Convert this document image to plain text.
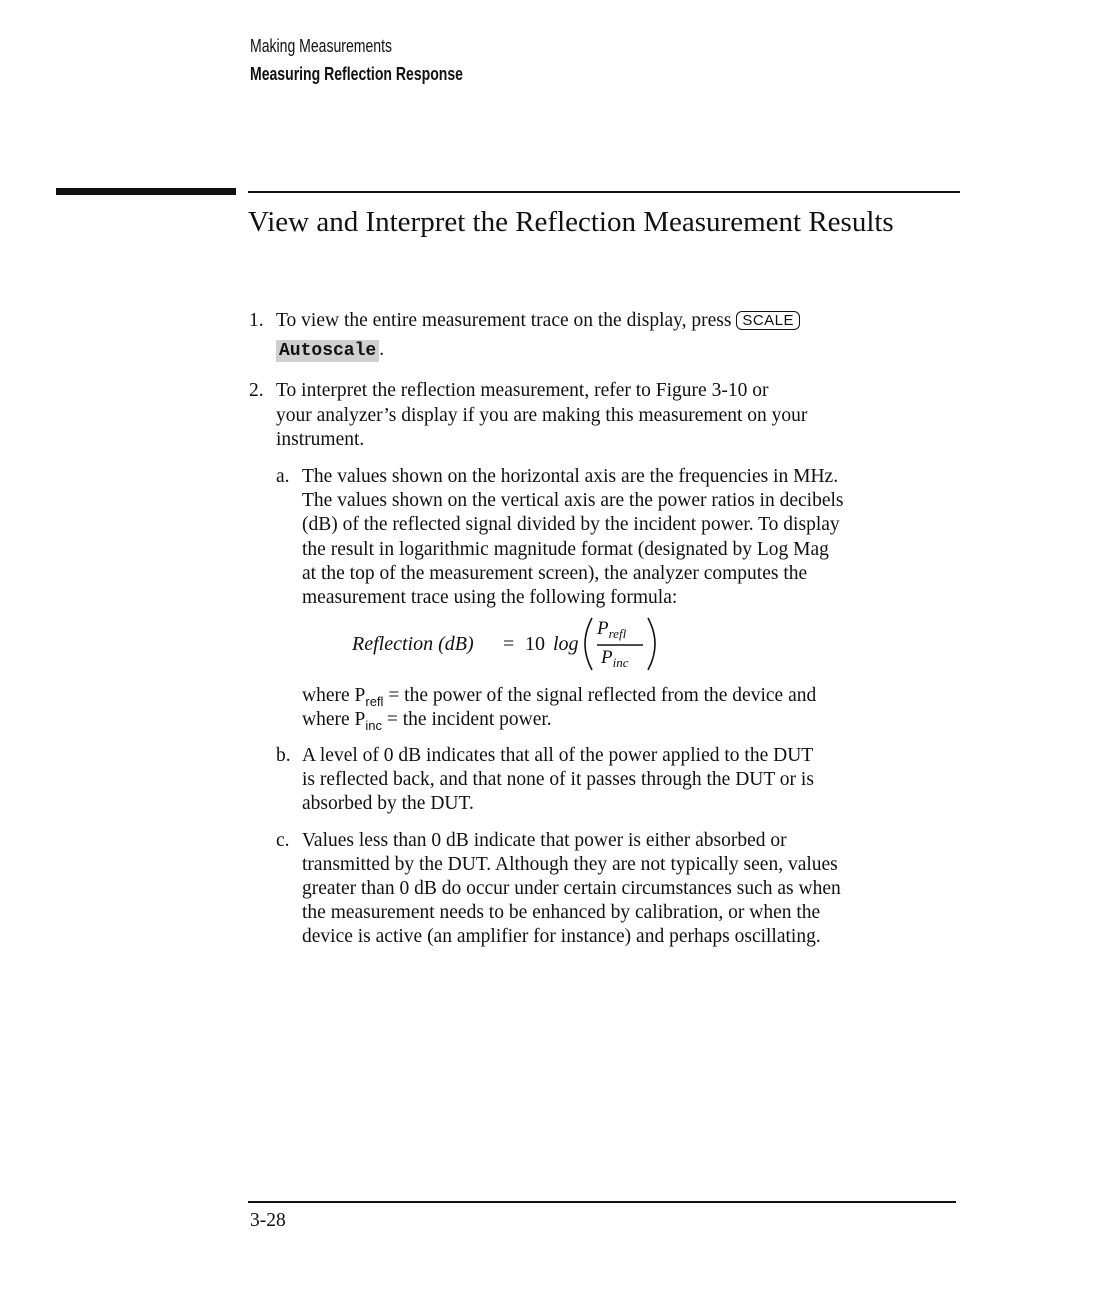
Making Measurements
Measuring Reflection Response
View and Interpret the Reflection Measurement Results
1. To view the entire measurement trace on the display, press SCALE
Autoscale .
2. To interpret the reflection measurement, refer to Figure 3-10 or
your analyzer’s display if you are making this measurement on your
instrument.
a. The values shown on the horizontal axis are the frequencies in MHz.
The values shown on the vertical axis are the power ratios in decibels
(dB) of the reflected signal divided by the incident power. To display
the result in logarithmic magnitude format (designated by Log Mag
at the top of the measurement screen), the analyzer computes the
measurement trace using the following formula:
Reflection (dB) = 10 log
$P_{refl}$
$P_{inc}$
where $P_{refl}$ = the power of the signal reflected from the device and
where $P_{inc}$ = the incident power.
b. A level of 0 dB indicates that all of the power applied to the DUT
is reflected back, and that none of it passes through the DUT or is
absorbed by the DUT.
c. Values less than 0 dB indicate that power is either absorbed or
transmitted by the DUT. Although they are not typically seen, values
greater than 0 dB do occur under certain circumstances such as when
the measurement needs to be enhanced by calibration, or when the
device is active (an amplifier for instance) and perhaps oscillating.
3-28
